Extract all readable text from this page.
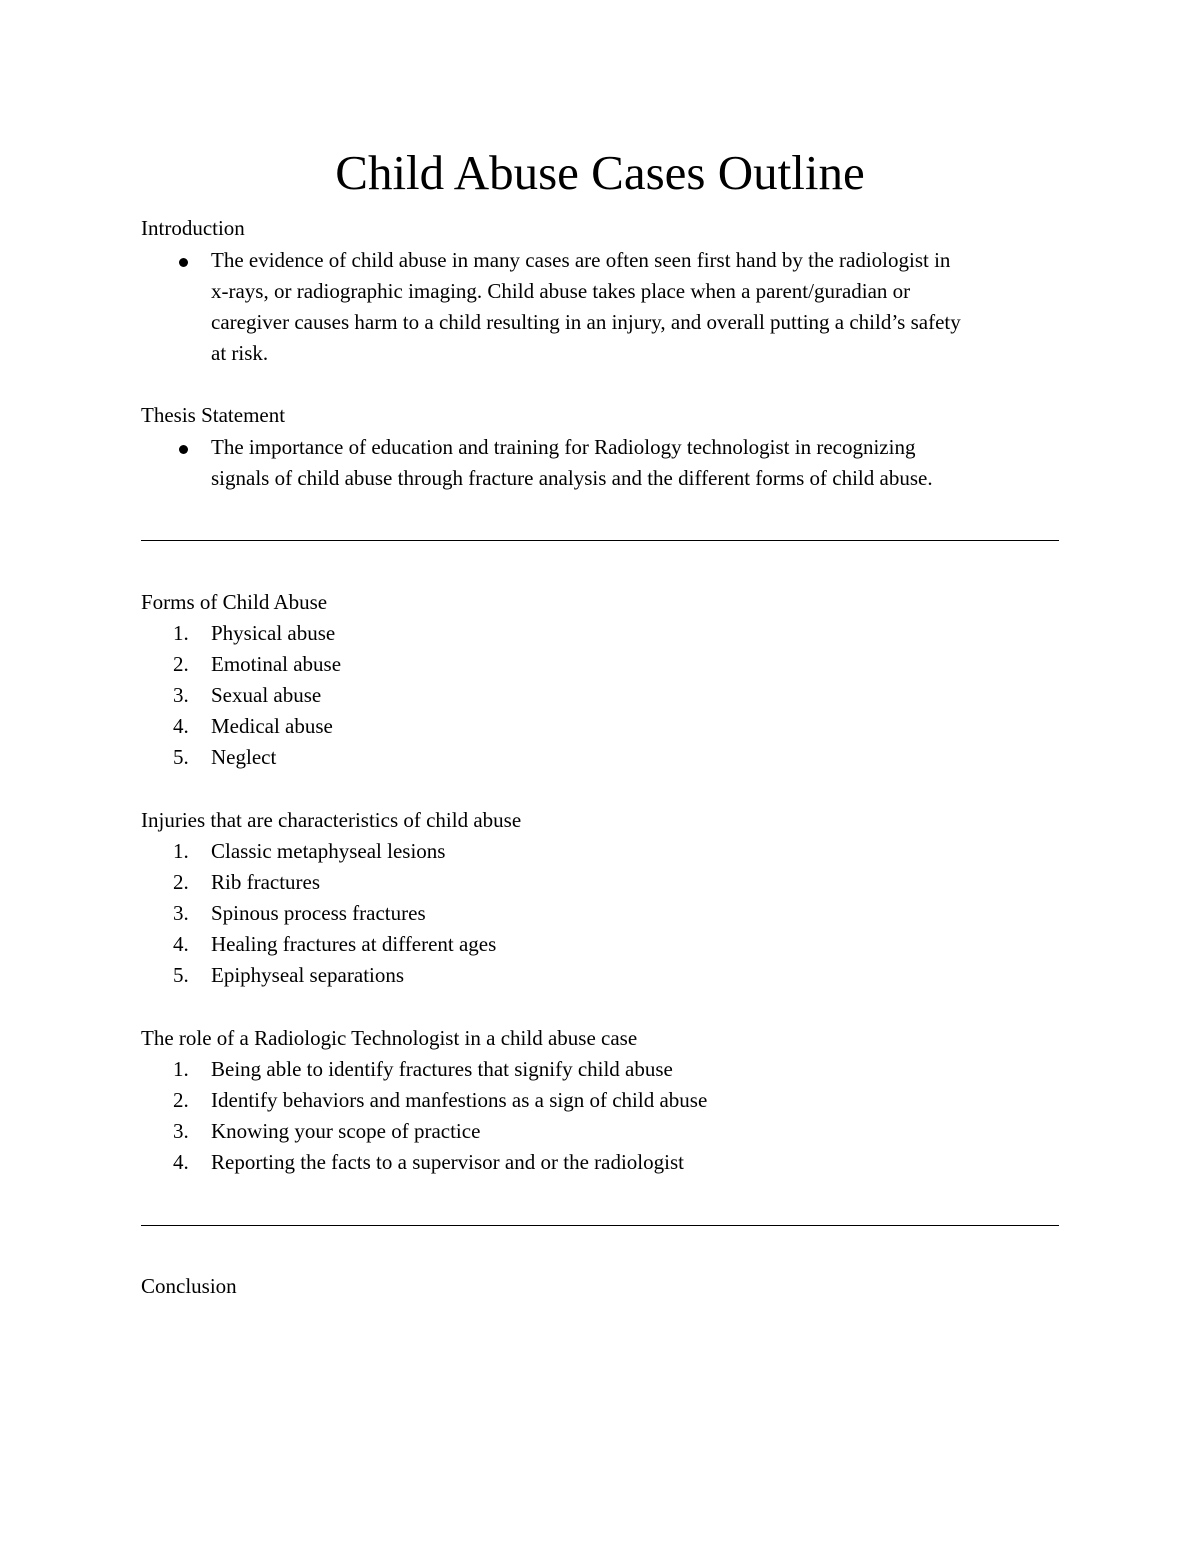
Child Abuse Cases Outline

Introduction

The evidence of child abuse in many cases are often seen first hand by the radiologist in

x-rays, or radiographic imaging. Child abuse takes place when a parent/guradian or

caregiver causes harm to a child resulting in an injury, and overall putting a child’s safety

at risk.

Thesis Statement

The importance of education and training for Radiology technologist in recognizing

signals of child abuse through fracture analysis and the different forms of child abuse.

Forms of Child Abuse

1. Physical abuse

2. Emotinal abuse

3. Sexual abuse

4. Medical abuse

5. Neglect

Injuries that are characteristics of child abuse

1. Classic metaphyseal lesions

2. Rib fractures

3. Spinous process fractures

4. Healing fractures at different ages

5. Epiphyseal separations

The role of a Radiologic Technologist in a child abuse case

1. Being able to identify fractures that signify child abuse

2. Identify behaviors and manfestions as a sign of child abuse

3. Knowing your scope of practice

4. Reporting the facts to a supervisor and or the radiologist

Conclusion
